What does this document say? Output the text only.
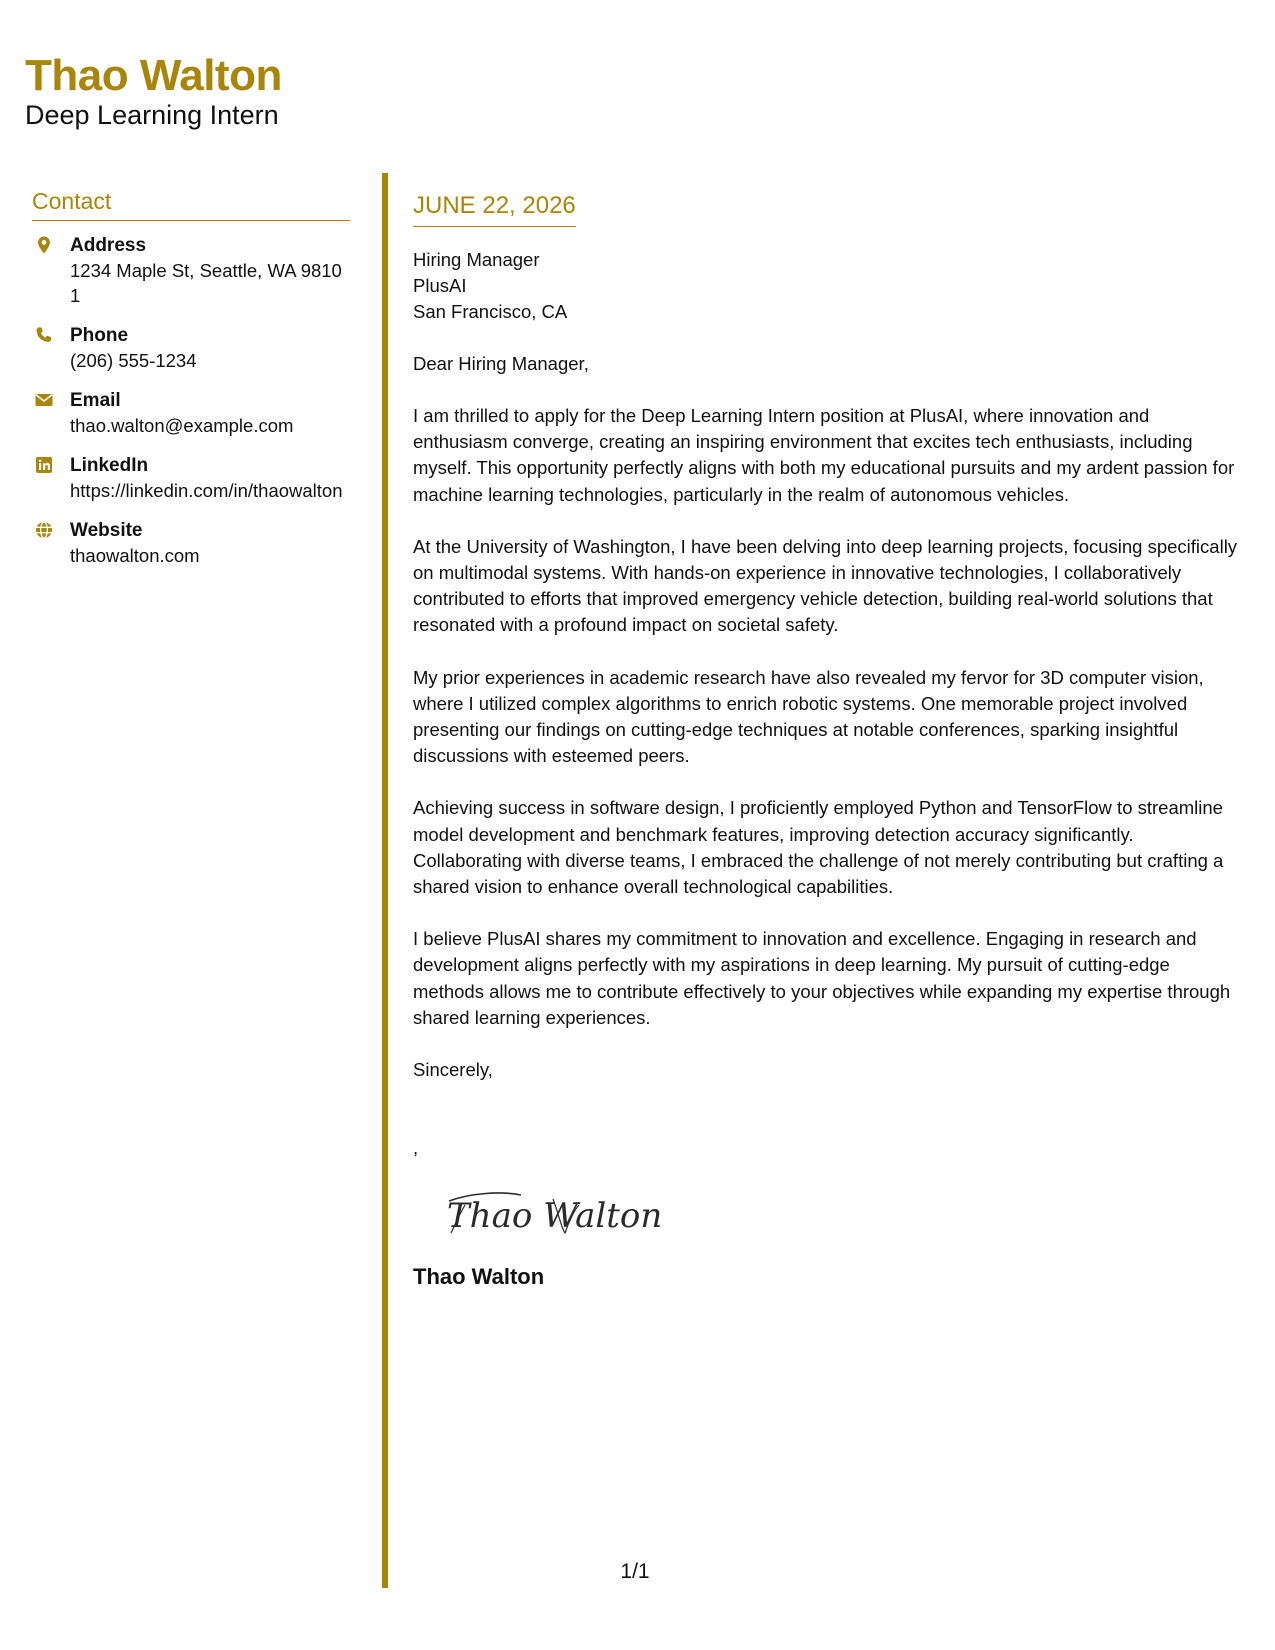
Thao Walton
Deep Learning Intern
Contact
Address
1234 Maple St, Seattle, WA 98101
Phone
(206) 555-1234
Email
thao.walton@example.com
LinkedIn
https://linkedin.com/in/thaowalton
Website
thaowalton.com
JUNE 22, 2026
Hiring Manager
PlusAI
San Francisco, CA
Dear Hiring Manager,

I am thrilled to apply for the Deep Learning Intern position at PlusAI, where innovation and enthusiasm converge, creating an inspiring environment that excites tech enthusiasts, including myself. This opportunity perfectly aligns with both my educational pursuits and my ardent passion for machine learning technologies, particularly in the realm of autonomous vehicles.

At the University of Washington, I have been delving into deep learning projects, focusing specifically on multimodal systems. With hands-on experience in innovative technologies, I collaboratively contributed to efforts that improved emergency vehicle detection, building real-world solutions that resonated with a profound impact on societal safety.

My prior experiences in academic research have also revealed my fervor for 3D computer vision, where I utilized complex algorithms to enrich robotic systems. One memorable project involved presenting our findings on cutting-edge techniques at notable conferences, sparking insightful discussions with esteemed peers.

Achieving success in software design, I proficiently employed Python and TensorFlow to streamline model development and benchmark features, improving detection accuracy significantly. Collaborating with diverse teams, I embraced the challenge of not merely contributing but crafting a shared vision to enhance overall technological capabilities.

I believe PlusAI shares my commitment to innovation and excellence. Engaging in research and development aligns perfectly with my aspirations in deep learning. My pursuit of cutting-edge methods allows me to contribute effectively to your objectives while expanding my expertise through shared learning experiences.

Sincerely,
,
Thao Walton
Thao Walton
1/1
